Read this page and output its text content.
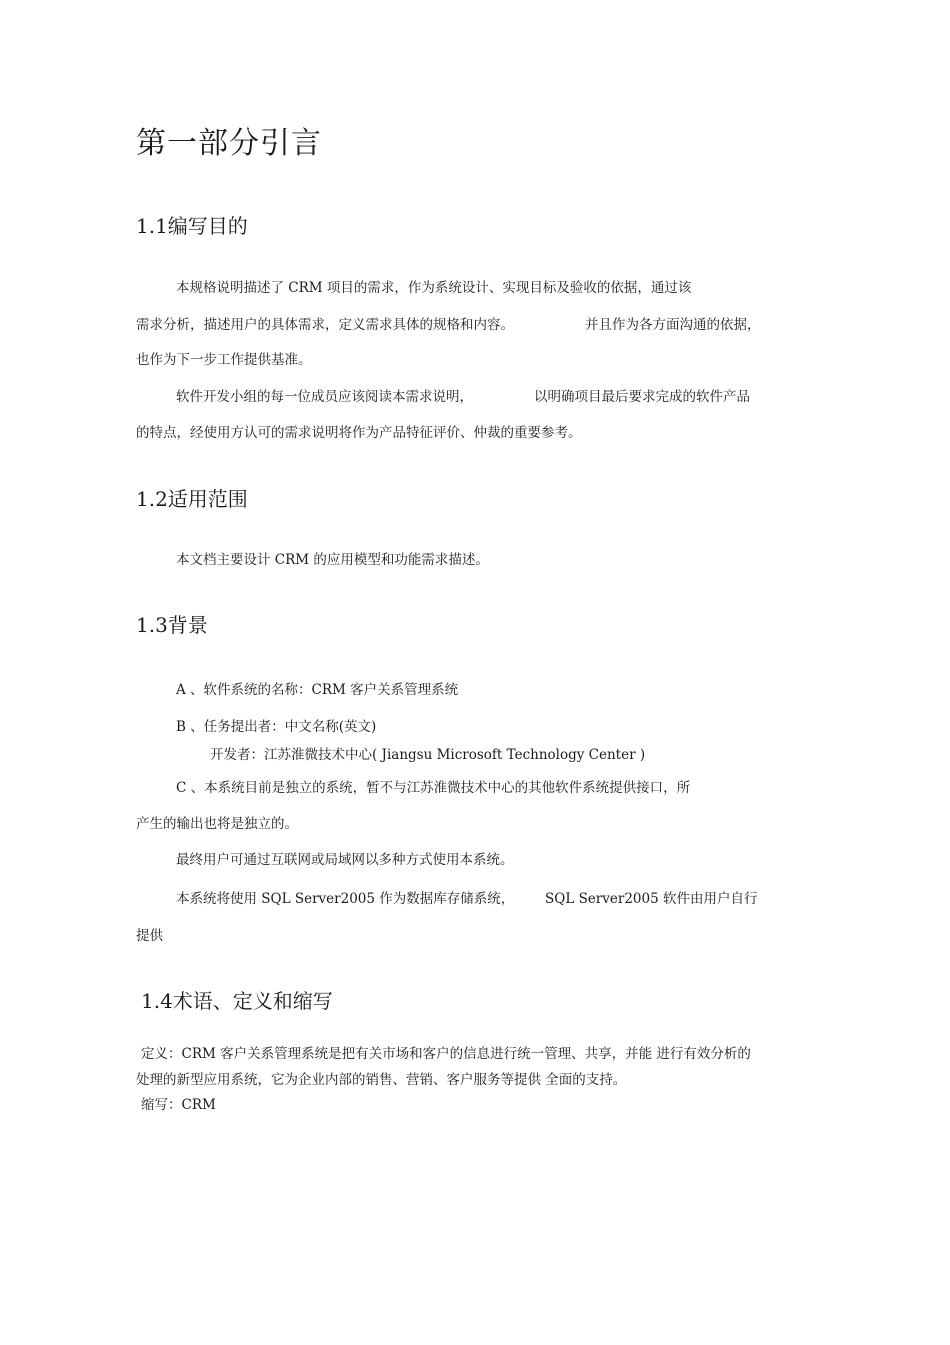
第一部分引言
1.1编写目的
本规格说明描述了 CRM 项目的需求，作为系统设计、实现目标及验收的依据，通过该
需求分析，描述用户的具体需求，定义需求具体的规格和内容。	并且作为各方面沟通的依据，
也作为下一步工作提供基准。
软件开发小组的每一位成员应该阅读本需求说明，	以明确项目最后要求完成的软件产品
的特点，经使用方认可的需求说明将作为产品特征评价、仲裁的重要参考。
1.2适用范围
本文档主要设计 CRM 的应用模型和功能需求描述。
1.3背景
A 、软件系统的名称：CRM 客户关系管理系统
B 、任务提出者：中文名称(英文)
开发者：江苏淮微技术中心( Jiangsu Microsoft Technology Center )
C 、本系统目前是独立的系统，暂不与江苏淮微技术中心的其他软件系统提供接口，所
产生的输出也将是独立的。
最终用户可通过互联网或局域网以多种方式使用本系统。
本系统将使用 SQL Server2005 作为数据库存储系统， SQL Server2005 软件由用户自行
提供
1.4术语、定义和缩写
定义：CRM 客户关系管理系统是把有关市场和客户的信息进行统一管理、共享，并能 进行有效分析的
处理的新型应用系统，它为企业内部的销售、营销、客户服务等提供 全面的支持。
缩写：CRM
